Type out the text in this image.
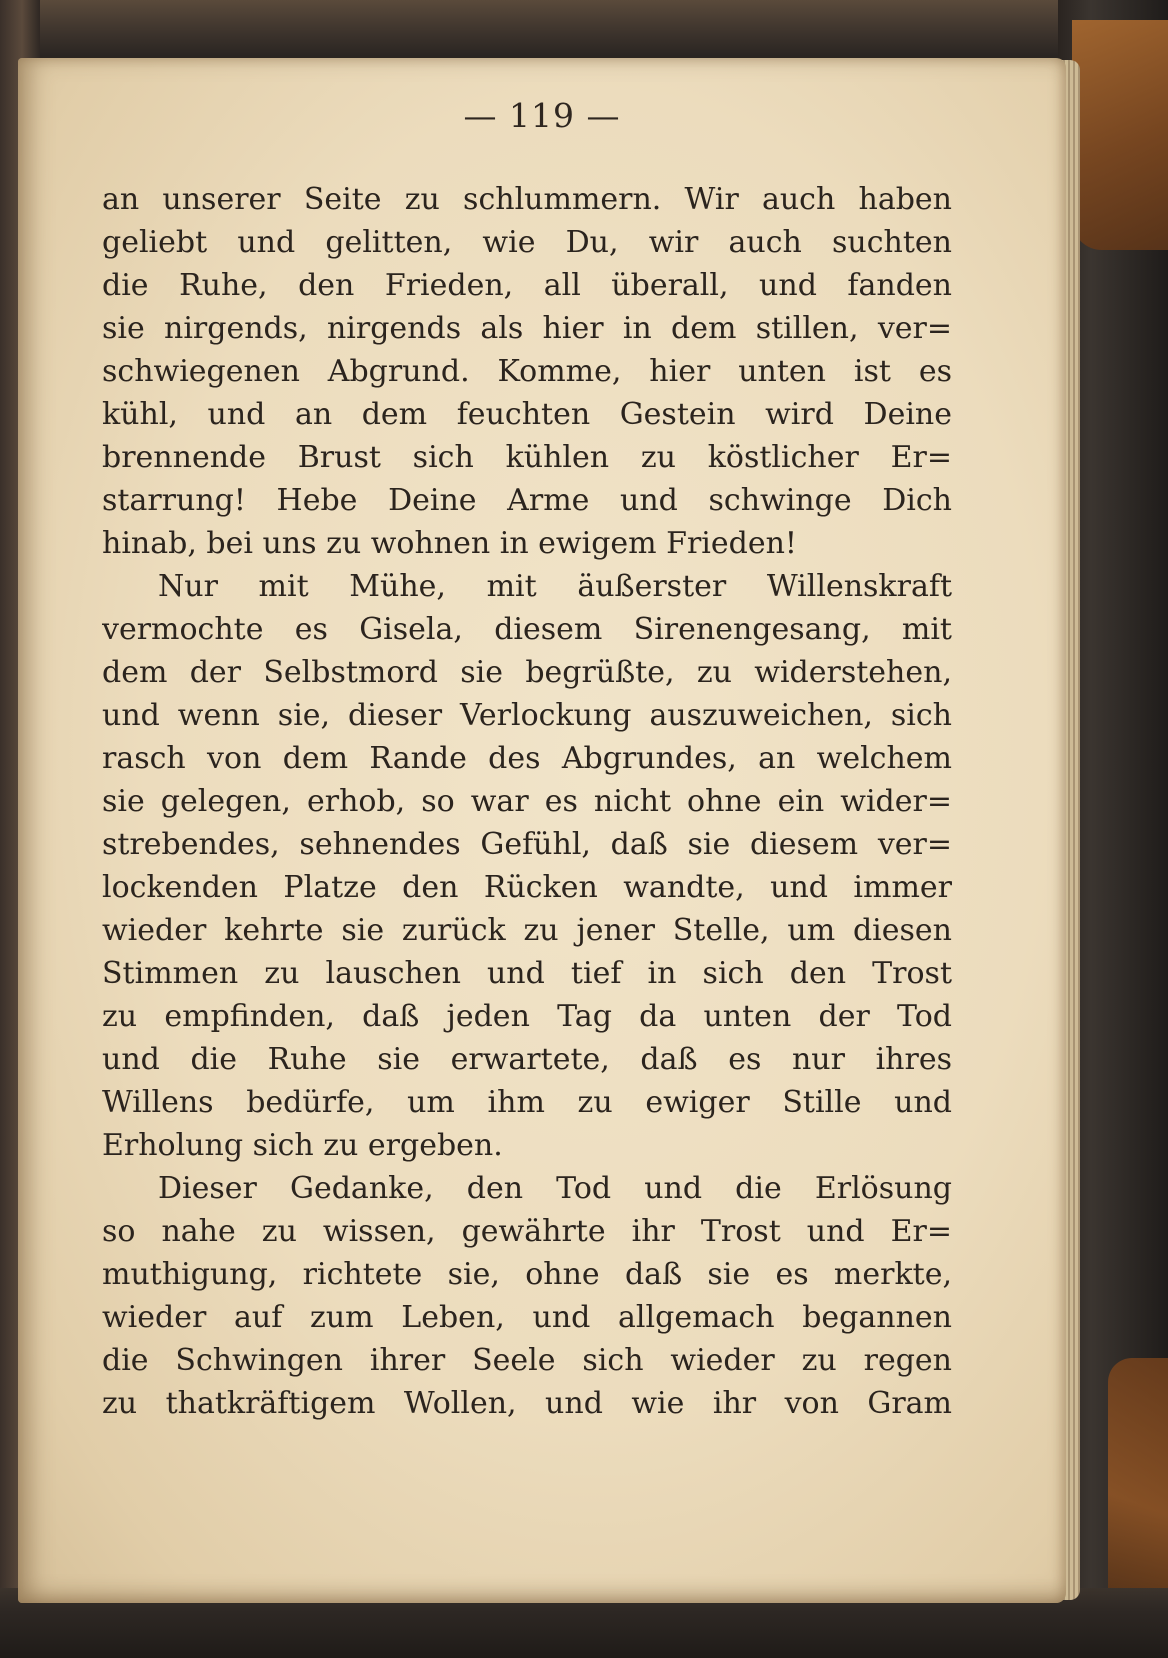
— 119 —
an unserer Seite zu schlummern. Wir auch haben
geliebt und gelitten, wie Du, wir auch suchten
die Ruhe, den Frieden, all überall, und fanden
sie nirgends, nirgends als hier in dem stillen, ver=
schwiegenen Abgrund. Komme, hier unten ist es
kühl, und an dem feuchten Gestein wird Deine
brennende Brust sich kühlen zu köstlicher Er=
starrung! Hebe Deine Arme und schwinge Dich
hinab, bei uns zu wohnen in ewigem Frieden!
Nur mit Mühe, mit äußerster Willenskraft
vermochte es Gisela, diesem Sirenengesang, mit
dem der Selbstmord sie begrüßte, zu widerstehen,
und wenn sie, dieser Verlockung auszuweichen, sich
rasch von dem Rande des Abgrundes, an welchem
sie gelegen, erhob, so war es nicht ohne ein wider=
strebendes, sehnendes Gefühl, daß sie diesem ver=
lockenden Platze den Rücken wandte, und immer
wieder kehrte sie zurück zu jener Stelle, um diesen
Stimmen zu lauschen und tief in sich den Trost
zu empfinden, daß jeden Tag da unten der Tod
und die Ruhe sie erwartete, daß es nur ihres
Willens bedürfe, um ihm zu ewiger Stille und
Erholung sich zu ergeben.
Dieser Gedanke, den Tod und die Erlösung
so nahe zu wissen, gewährte ihr Trost und Er=
muthigung, richtete sie, ohne daß sie es merkte,
wieder auf zum Leben, und allgemach begannen
die Schwingen ihrer Seele sich wieder zu regen
zu thatkräftigem Wollen, und wie ihr von Gram
